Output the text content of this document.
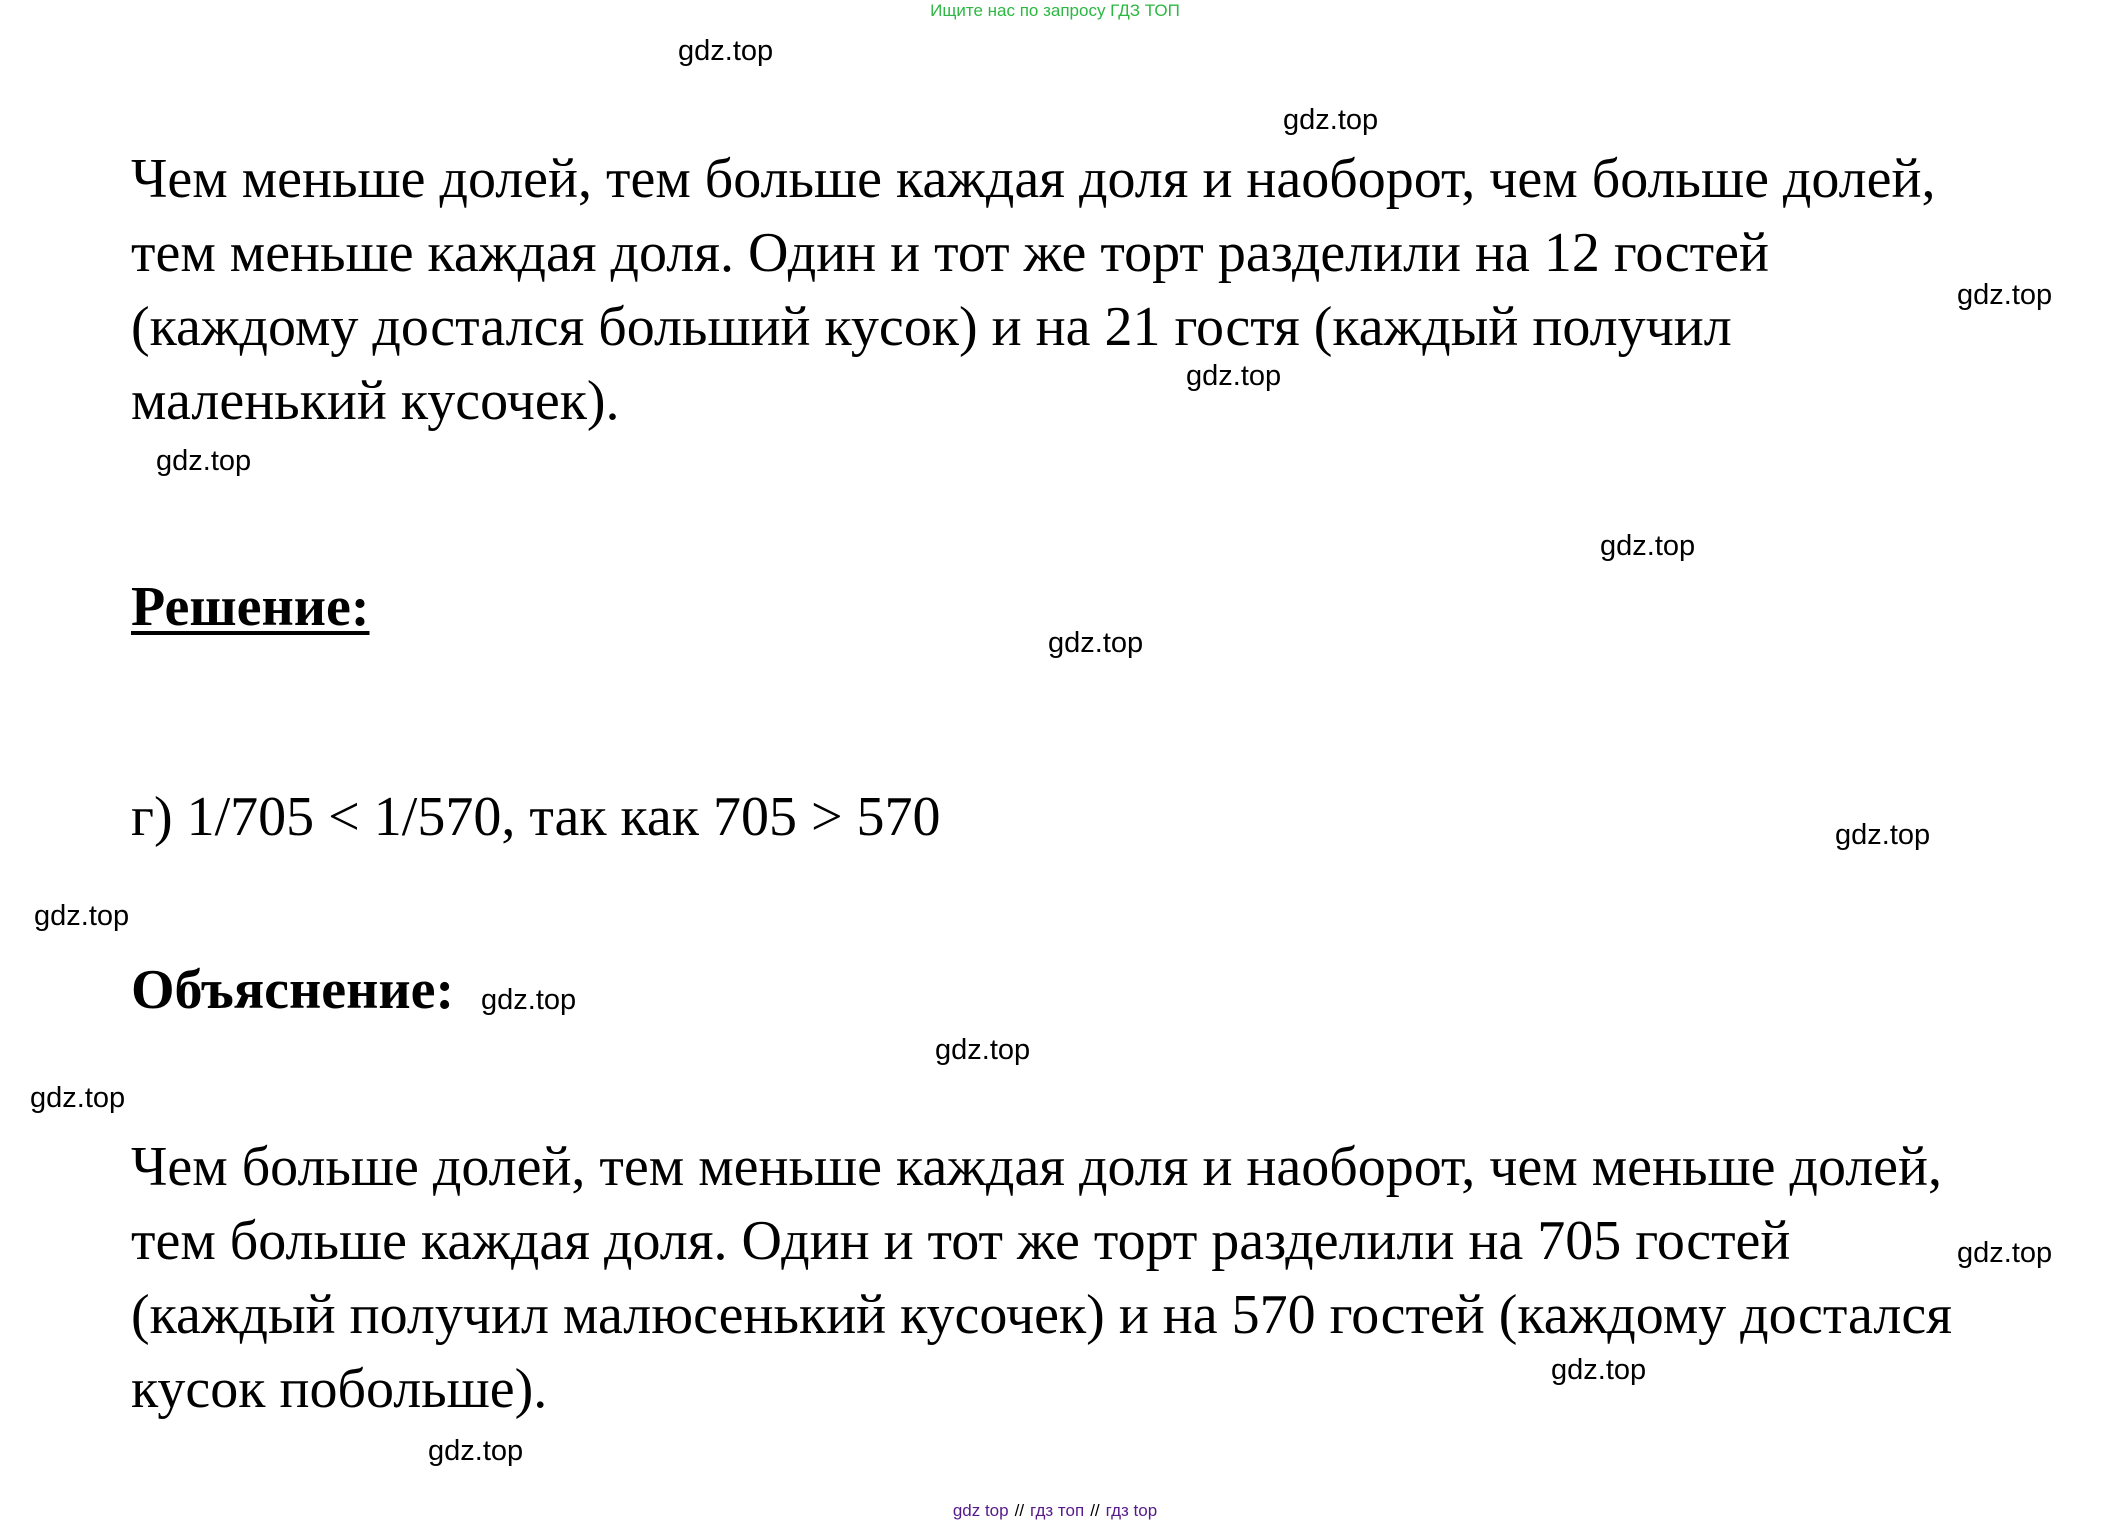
Ищите нас по запросу ГДЗ ТОП

Чем меньше долей, тем больше каждая доля и наоборот, чем больше долей,
тем меньше каждая доля. Один и тот же торт разделили на 12 гостей
(каждому достался больший кусок) и на 21 гостя (каждый получил
маленький кусочек).

Решение:

г) 1/705 < 1/570, так как 705 > 570

Объяснение:

Чем больше долей, тем меньше каждая доля и наоборот, чем меньше долей,
тем больше каждая доля. Один и тот же торт разделили на 705 гостей
(каждый получил малюсенький кусочек) и на 570 гостей (каждому достался
кусок побольше).

gdz.top
gdz.top
gdz.top
gdz.top
gdz.top
gdz.top
gdz.top
gdz.top
gdz.top
gdz.top
gdz.top
gdz.top
gdz.top
gdz.top
gdz.top
gdz top // гдз топ // гдз top
